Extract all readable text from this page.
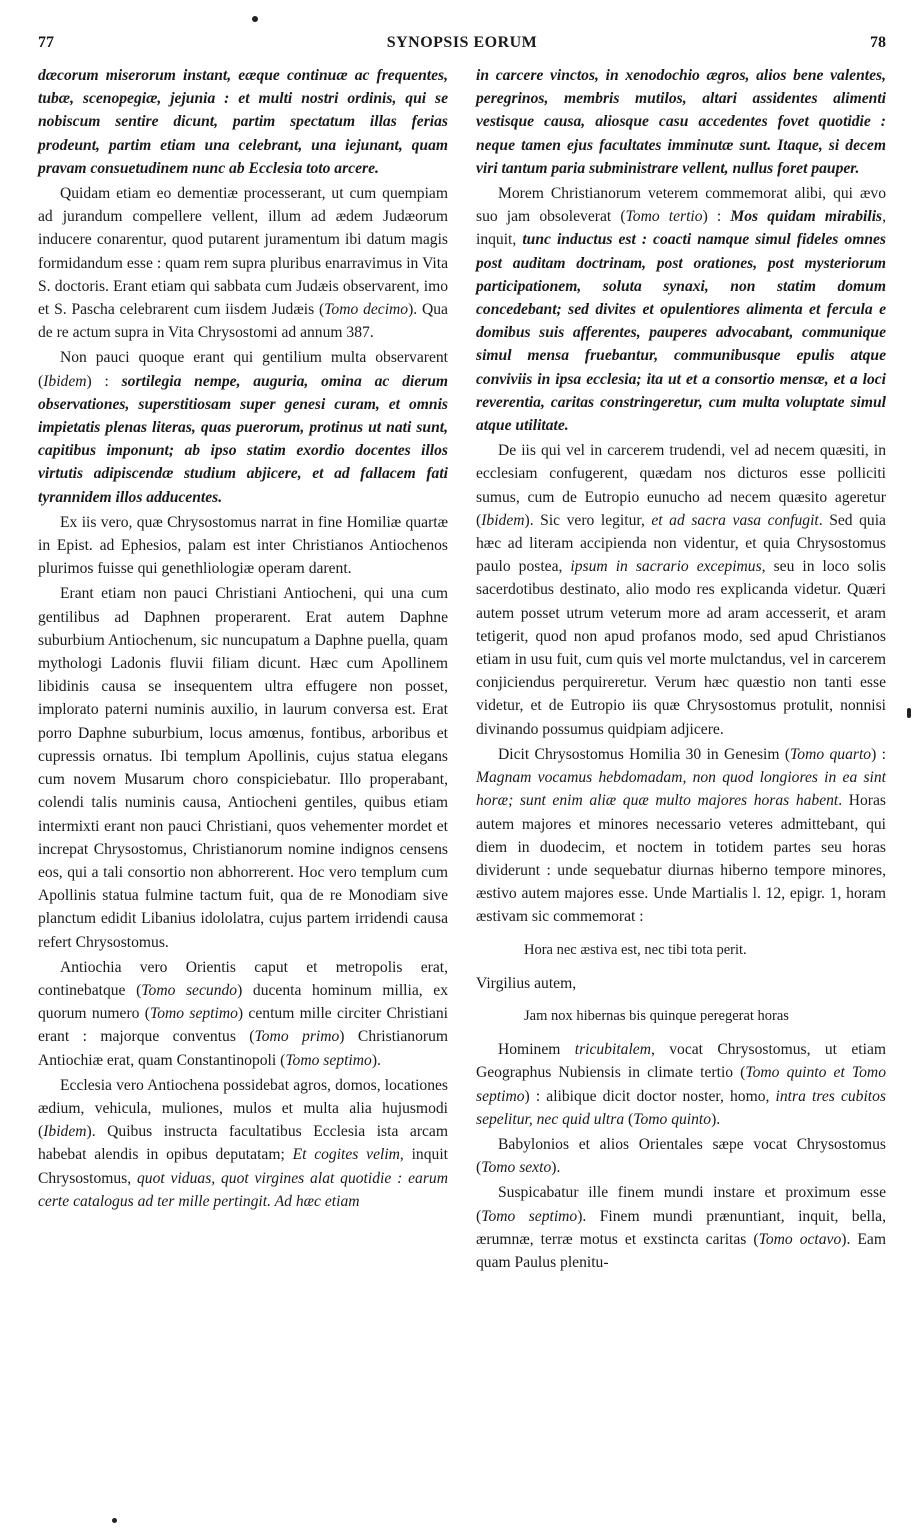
77	SYNOPSIS EORUM	78

dæcorum miserorum instant, eæque continuæ ac frequentes, tubæ, scenopegiæ, jejunia : et multi nostri ordinis, qui se nobiscum sentire dicunt, partim spectatum illas ferias prodeunt, partim etiam una celebrant, una iejunant, quam pravam consuetudinem nunc ab Ecclesia toto arcere.

Quidam etiam eo dementiæ processerant, ut cum quempiam ad jurandum compellere vellent, illum ad ædem Judæorum inducere conarentur, quod putarent juramentum ibi datum magis formidandum esse : quam rem supra pluribus enarravimus in Vita S. doctoris. Erant etiam qui sabbata cum Judæis observarent, imo et S. Pascha celebrarent cum iisdem Judæis (Tomo decimo). Qua de re actum supra in Vita Chrysostomi ad annum 387.

Non pauci quoque erant qui gentilium multa observarent (Ibidem) : sortilegia nempe, auguria, omina ac dierum observationes, superstitiosam super genesi curam, et omnis impietatis plenas literas, quas puerorum, protinus ut nati sunt, capitibus imponunt; ab ipso statim exordio docentes illos virtutis adipiscendæ studium abjicere, et ad fallacem fati tyrannidem illos adducentes.

Ex iis vero, quæ Chrysostomus narrat in fine Homiliæ quartæ in Epist. ad Ephesios, palam est inter Christianos Antiochenos plurimos fuisse qui genethliologiæ operam darent.

Erant etiam non pauci Christiani Antiocheni, qui una cum gentilibus ad Daphnen properarent. Erat autem Daphne suburbium Antiochenum, sic nuncupatum a Daphne puella, quam mythologi Ladonis fluvii filiam dicunt. Hæc cum Apollinem libidinis causa se insequentem ultra effugere non posset, implorato paterni numinis auxilio, in laurum conversa est. Erat porro Daphne suburbium, locus amœnus, fontibus, arboribus et cupressis ornatus. Ibi templum Apollinis, cujus statua elegans cum novem Musarum choro conspiciebatur. Illo properabant, colendi talis numinis causa, Antiocheni gentiles, quibus etiam intermixti erant non pauci Christiani, quos vehementer mordet et increpat Chrysostomus, Christianorum nomine indignos censens eos, qui a tali consortio non abhorrerent. Hoc vero templum cum Apollinis statua fulmine tactum fuit, qua de re Monodiam sive planctum edidit Libanius idololatra, cujus partem irridendi causa refert Chrysostomus.

Antiochia vero Orientis caput et metropolis erat, continebatque (Tomo secundo) ducenta hominum millia, ex quorum numero (Tomo septimo) centum mille circiter Christiani erant : majorque conventus (Tomo primo) Christianorum Antiochiæ erat, quam Constantinopoli (Tomo septimo).

Ecclesia vero Antiochena possidebat agros, domos, locationes ædium, vehicula, muliones, mulos et multa alia hujusmodi (Ibidem). Quibus instructa facultatibus Ecclesia ista arcam habebat alendis in opibus deputatam; Et cogites velim, inquit Chrysostomus, quot viduas, quot virgines alat quotidie : earum certe catalogus ad ter mille pertingit. Ad hæc etiam

in carcere vinctos, in xenodochio ægros, alios bene valentes, peregrinos, membris mutilos, altari assidentes alimenti vestisque causa, aliosque casu accedentes fovet quotidie : neque tamen ejus facultates imminutæ sunt. Itaque, si decem viri tantum paria subministrare vellent, nullus foret pauper.

Morem Christianorum veterem commemorat alibi, qui ævo suo jam obsoleverat (Tomo tertio) : Mos quidam mirabilis, inquit, tunc inductus est : coacti namque simul fideles omnes post auditam doctrinam, post orationes, post mysteriorum participationem, soluta synaxi, non statim domum concedebant; sed divites et opulentiores alimenta et fercula e domibus suis afferentes, pauperes advocabant, communique simul mensa fruebantur, communibusque epulis atque conviviis in ipsa ecclesia; ita ut et a consortio mensæ, et a loci reverentia, caritas constringeretur, cum multa voluptate simul atque utilitate.

De iis qui vel in carcerem trudendi, vel ad necem quæsiti, in ecclesiam confugerent, quædam nos dicturos esse polliciti sumus, cum de Eutropio eunucho ad necem quæsito ageretur (Ibidem). Sic vero legitur, et ad sacra vasa confugit. Sed quia hæc ad literam accipienda non videntur, et quia Chrysostomus paulo postea, ipsum in sacrario excepimus, seu in loco solis sacerdotibus destinato, alio modo res explicanda videtur. Quæri autem posset utrum veterum more ad aram accesserit, et aram tetigerit, quod non apud profanos modo, sed apud Christianos etiam in usu fuit, cum quis vel morte mulctandus, vel in carcerem conjiciendus perquireretur. Verum hæc quæstio non tanti esse videtur, et de Eutropio iis quæ Chrysostomus protulit, nonnisi divinando possumus quidpiam adjicere.

Dicit Chrysostomus Homilia 30 in Genesim (Tomo quarto) : Magnam vocamus hebdomadam, non quod longiores in ea sint horæ; sunt enim aliæ quæ multo majores horas habent. Horas autem majores et minores necessario veteres admittebant, qui diem in duodecim, et noctem in totidem partes seu horas dividerunt : unde sequebatur diurnas hiberno tempore minores, æstivo autem majores esse. Unde Martialis l. 12, epigr. 1, horam æstivam sic commemorat :

Hora nec æstiva est, nec tibi tota perit.

Virgilius autem,

Jam nox hibernas bis quinque peregerat horas

Hominem tricubitalem, vocat Chrysostomus, ut etiam Geographus Nubiensis in climate tertio (Tomo quinto et Tomo septimo) : alibique dicit doctor noster, homo, intra tres cubitos sepelitur, nec quid ultra (Tomo quinto).

Babylonios et alios Orientales sæpe vocat Chrysostomus (Tomo sexto).

Suspicabatur ille finem mundi instare et proximum esse (Tomo septimo). Finem mundi prænuntiant, inquit, bella, ærumnæ, terræ motus et exstincta caritas (Tomo octavo). Eam quam Paulus plenitu-
